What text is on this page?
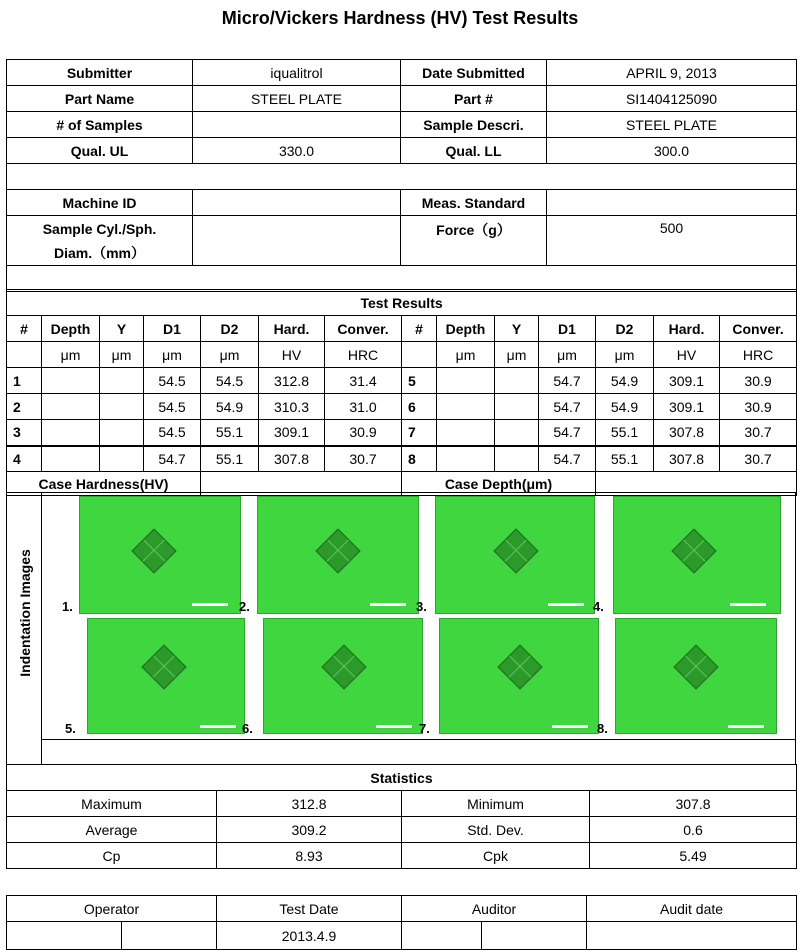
Micro/Vickers Hardness (HV) Test Results
Submitter	iqualitrol	Date Submitted	APRIL 9, 2013
Part Name	STEEL PLATE	Part #	SI1404125090
# of Samples		Sample Descri.	STEEL PLATE
Qual. UL	330.0	Qual. LL	300.0

Machine ID		Meas. Standard	

Sample Cyl./Sph.
Diam.（mm）		Force（g）	500

Test Results													
#	Depth	Y	D1	D2	Hard.	Conver.	#	Depth	Y	D1	D2	Hard.	Conver.
	μm	μm	μm	μm	HV	HRC		μm	μm	μm	μm	HV	HRC
1			54.5	54.5	312.8	31.4	5			54.7	54.9	309.1	30.9
2			54.5	54.9	310.3	31.0	6			54.7	54.9	309.1	30.9
3			54.5	55.1	309.1	30.9	7			54.7	55.1	307.8	30.7
4			54.7	55.1	307.8	30.7	8			54.7	55.1	307.8	30.7
Case Hardness(HV)							Case Depth(μm)						
Indentation Images 1.	2.	3.	4.
5.	6.	7.	8.
Statistics			
Maximum	312.8	Minimum	307.8
Average	309.2	Std. Dev.	0.6
Cp	8.93	Cpk	5.49
Operator		Test Date	Auditor		Audit date
		2013.4.9			
